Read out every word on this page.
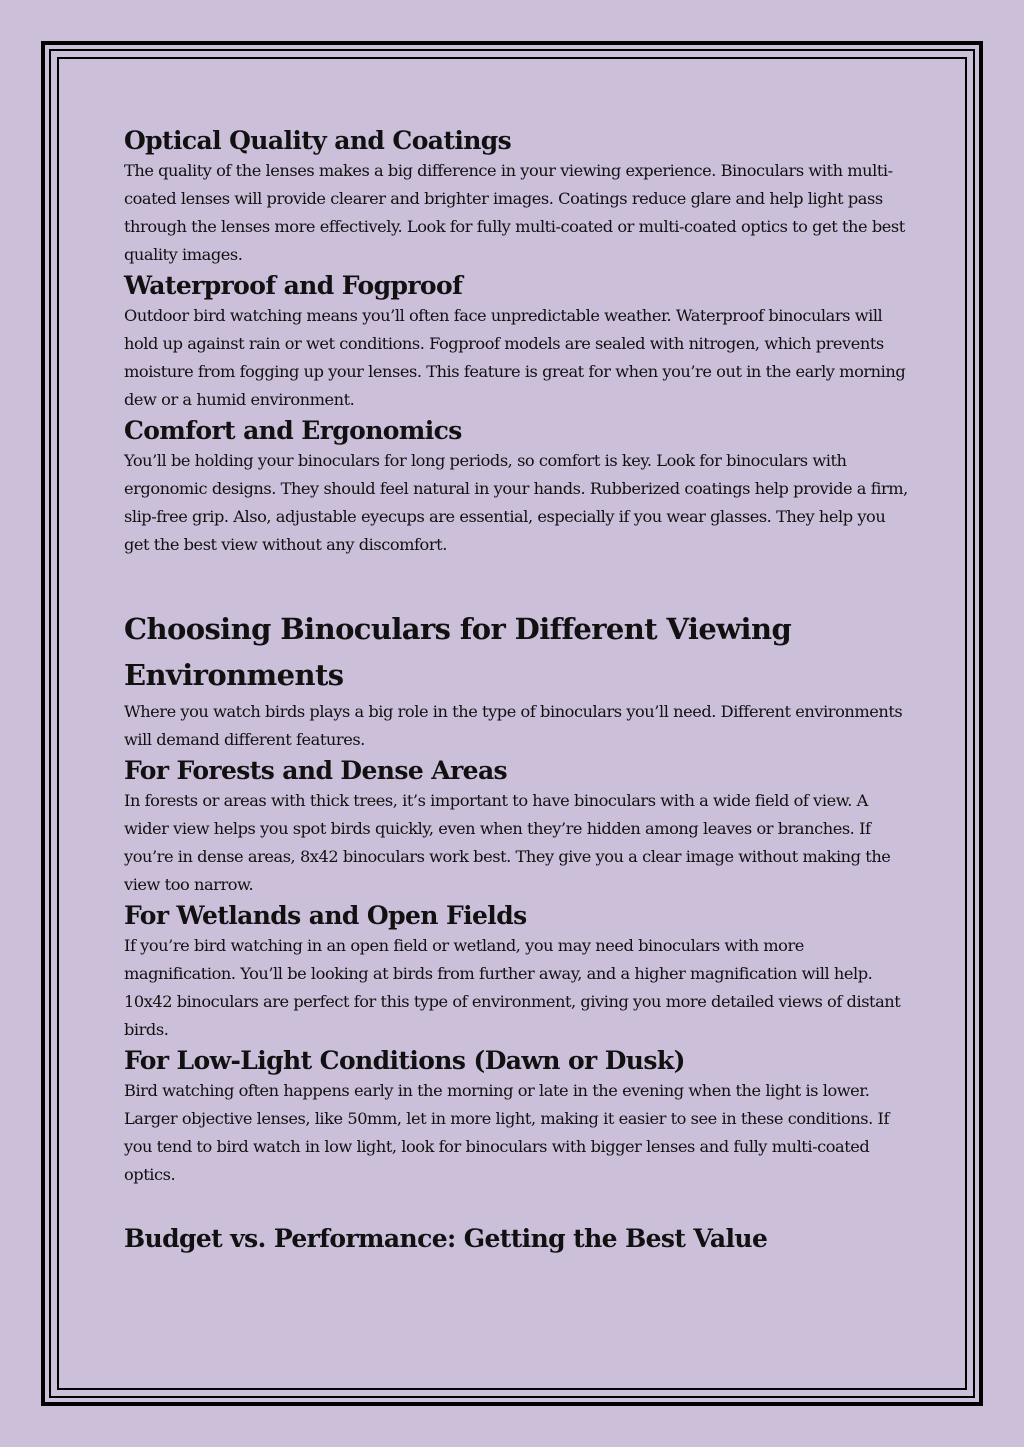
Optical Quality and Coatings

The quality of the lenses makes a big difference in your viewing experience. Binoculars with multi-coated lenses will provide clearer and brighter images. Coatings reduce glare and help light pass through the lenses more effectively. Look for fully multi-coated or multi-coated optics to get the best quality images.

Waterproof and Fogproof

Outdoor bird watching means you’ll often face unpredictable weather. Waterproof binoculars will hold up against rain or wet conditions. Fogproof models are sealed with nitrogen, which prevents moisture from fogging up your lenses. This feature is great for when you’re out in the early morning dew or a humid environment.

Comfort and Ergonomics

You’ll be holding your binoculars for long periods, so comfort is key. Look for binoculars with ergonomic designs. They should feel natural in your hands. Rubberized coatings help provide a firm, slip-free grip. Also, adjustable eyecups are essential, especially if you wear glasses. They help you get the best view without any discomfort.

Choosing Binoculars for Different Viewing Environments

Where you watch birds plays a big role in the type of binoculars you’ll need. Different environments will demand different features.

For Forests and Dense Areas

In forests or areas with thick trees, it’s important to have binoculars with a wide field of view. A wider view helps you spot birds quickly, even when they’re hidden among leaves or branches. If you’re in dense areas, 8x42 binoculars work best. They give you a clear image without making the view too narrow.

For Wetlands and Open Fields

If you’re bird watching in an open field or wetland, you may need binoculars with more magnification. You’ll be looking at birds from further away, and a higher magnification will help. 10x42 binoculars are perfect for this type of environment, giving you more detailed views of distant birds.

For Low-Light Conditions (Dawn or Dusk)

Bird watching often happens early in the morning or late in the evening when the light is lower. Larger objective lenses, like 50mm, let in more light, making it easier to see in these conditions. If you tend to bird watch in low light, look for binoculars with bigger lenses and fully multi-coated optics.

Budget vs. Performance: Getting the Best Value
